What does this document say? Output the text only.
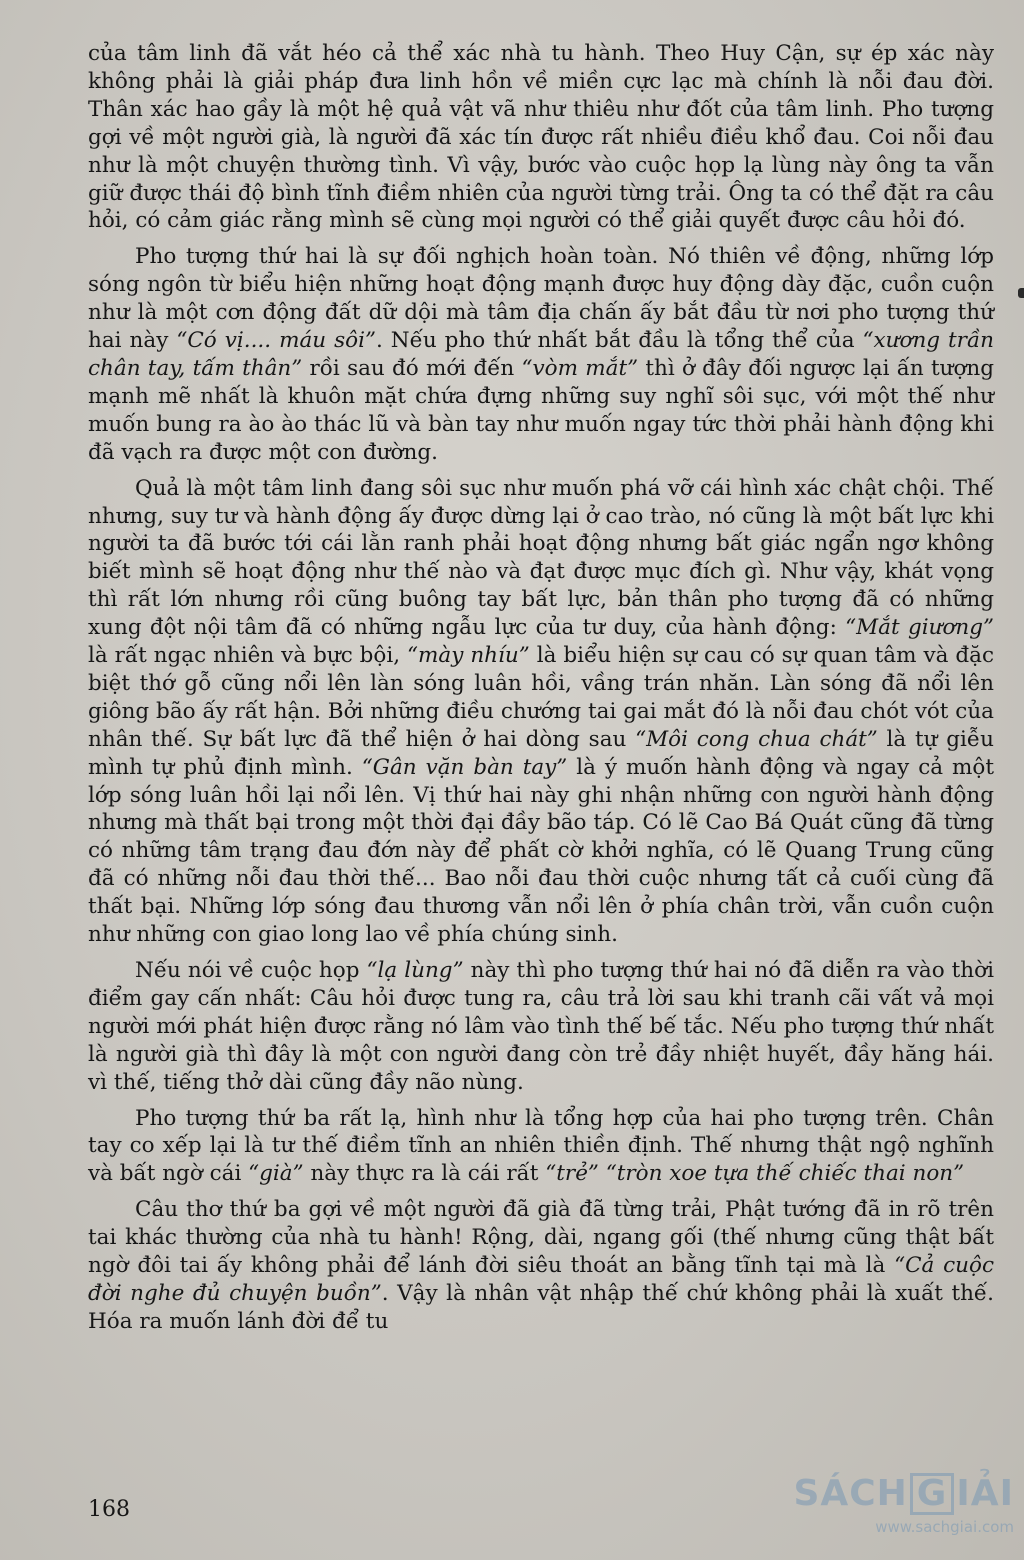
của tâm linh đã vắt héo cả thể xác nhà tu hành. Theo Huy Cận, sự ép xác này không phải là giải pháp đưa linh hồn về miền cực lạc mà chính là nỗi đau đời. Thân xác hao gầy là một hệ quả vật vã như thiêu như đốt của tâm linh. Pho tượng gợi về một người già, là người đã xác tín được rất nhiều điều khổ đau. Coi nỗi đau như là một chuyện thường tình. Vì vậy, bước vào cuộc họp lạ lùng này ông ta vẫn giữ được thái độ bình tĩnh điềm nhiên của người từng trải. Ông ta có thể đặt ra câu hỏi, có cảm giác rằng mình sẽ cùng mọi người có thể giải quyết được câu hỏi đó.

Pho tượng thứ hai là sự đối nghịch hoàn toàn. Nó thiên về động, những lớp sóng ngôn từ biểu hiện những hoạt động mạnh được huy động dày đặc, cuồn cuộn như là một cơn động đất dữ dội mà tâm địa chấn ấy bắt đầu từ nơi pho tượng thứ hai này “Có vị.... máu sôi”. Nếu pho thứ nhất bắt đầu là tổng thể của “xương trần chân tay, tấm thân” rồi sau đó mới đến “vòm mắt” thì ở đây đối ngược lại ấn tượng mạnh mẽ nhất là khuôn mặt chứa đựng những suy nghĩ sôi sục, với một thế như muốn bung ra ào ào thác lũ và bàn tay như muốn ngay tức thời phải hành động khi đã vạch ra được một con đường.

Quả là một tâm linh đang sôi sục như muốn phá vỡ cái hình xác chật chội. Thế nhưng, suy tư và hành động ấy được dừng lại ở cao trào, nó cũng là một bất lực khi người ta đã bước tới cái lằn ranh phải hoạt động nhưng bất giác ngẩn ngơ không biết mình sẽ hoạt động như thế nào và đạt được mục đích gì. Như vậy, khát vọng thì rất lớn nhưng rồi cũng buông tay bất lực, bản thân pho tượng đã có những xung đột nội tâm đã có những ngẫu lực của tư duy, của hành động: “Mắt giương” là rất ngạc nhiên và bực bội, “mày nhíu” là biểu hiện sự cau có sự quan tâm và đặc biệt thớ gỗ cũng nổi lên làn sóng luân hồi, vầng trán nhăn. Làn sóng đã nổi lên giông bão ấy rất hận. Bởi những điều chướng tai gai mắt đó là nỗi đau chót vót của nhân thế. Sự bất lực đã thể hiện ở hai dòng sau “Môi cong chua chát” là tự giễu mình tự phủ định mình. “Gân vặn bàn tay” là ý muốn hành động và ngay cả một lớp sóng luân hồi lại nổi lên. Vị thứ hai này ghi nhận những con người hành động nhưng mà thất bại trong một thời đại đầy bão táp. Có lẽ Cao Bá Quát cũng đã từng có những tâm trạng đau đớn này để phất cờ khởi nghĩa, có lẽ Quang Trung cũng đã có những nỗi đau thời thế... Bao nỗi đau thời cuộc nhưng tất cả cuối cùng đã thất bại. Những lớp sóng đau thương vẫn nổi lên ở phía chân trời, vẫn cuồn cuộn như những con giao long lao về phía chúng sinh.

Nếu nói về cuộc họp “lạ lùng” này thì pho tượng thứ hai nó đã diễn ra vào thời điểm gay cấn nhất: Câu hỏi được tung ra, câu trả lời sau khi tranh cãi vất vả mọi người mới phát hiện được rằng nó lâm vào tình thế bế tắc. Nếu pho tượng thứ nhất là người già thì đây là một con người đang còn trẻ đầy nhiệt huyết, đầy hăng hái. vì thế, tiếng thở dài cũng đầy não nùng.

Pho tượng thứ ba rất lạ, hình như là tổng hợp của hai pho tượng trên. Chân tay co xếp lại là tư thế điềm tĩnh an nhiên thiền định. Thế nhưng thật ngộ nghĩnh và bất ngờ cái “già” này thực ra là cái rất “trẻ” “tròn xoe tựa thế chiếc thai non”

Câu thơ thứ ba gợi về một người đã già đã từng trải, Phật tướng đã in rõ trên tai khác thường của nhà tu hành! Rộng, dài, ngang gối (thế nhưng cũng thật bất ngờ đôi tai ấy không phải để lánh đời siêu thoát an bằng tĩnh tại mà là “Cả cuộc đời nghe đủ chuyện buồn”. Vậy là nhân vật nhập thế chứ không phải là xuất thế. Hóa ra muốn lánh đời để tu

168	SÁCH G IẢI
www.sachgiai.com
